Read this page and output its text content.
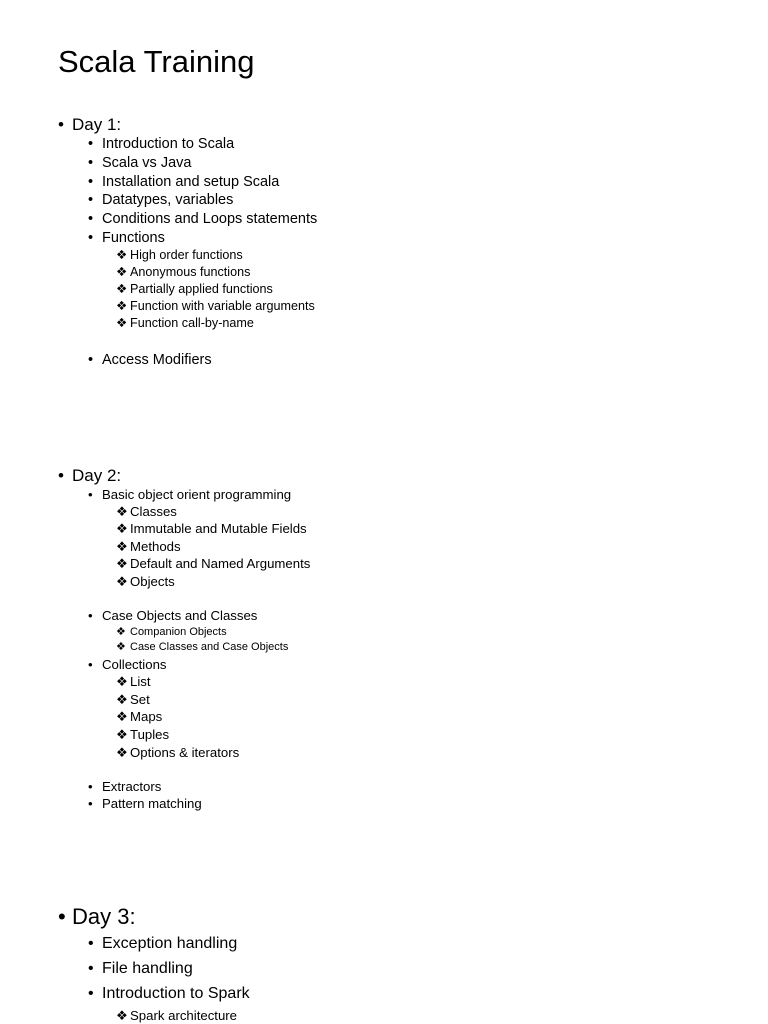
Scala Training
• Day 1:
• Introduction to Scala
• Scala vs Java
• Installation and setup Scala
• Datatypes, variables
• Conditions and Loops statements
• Functions
❖ High order functions
❖ Anonymous functions
❖ Partially applied functions
❖ Function with variable arguments
❖ Function call-by-name
• Access Modifiers
• Day 2:
• Basic object orient programming
❖ Classes
❖ Immutable and Mutable Fields
❖ Methods
❖ Default and Named Arguments
❖ Objects
• Case Objects and Classes
❖ Companion Objects
❖ Case Classes and Case Objects
• Collections
❖ List
❖ Set
❖ Maps
❖ Tuples
❖ Options & iterators
• Extractors
• Pattern matching
• Day 3:
• Exception handling
• File handling
• Introduction to Spark
❖ Spark architecture
